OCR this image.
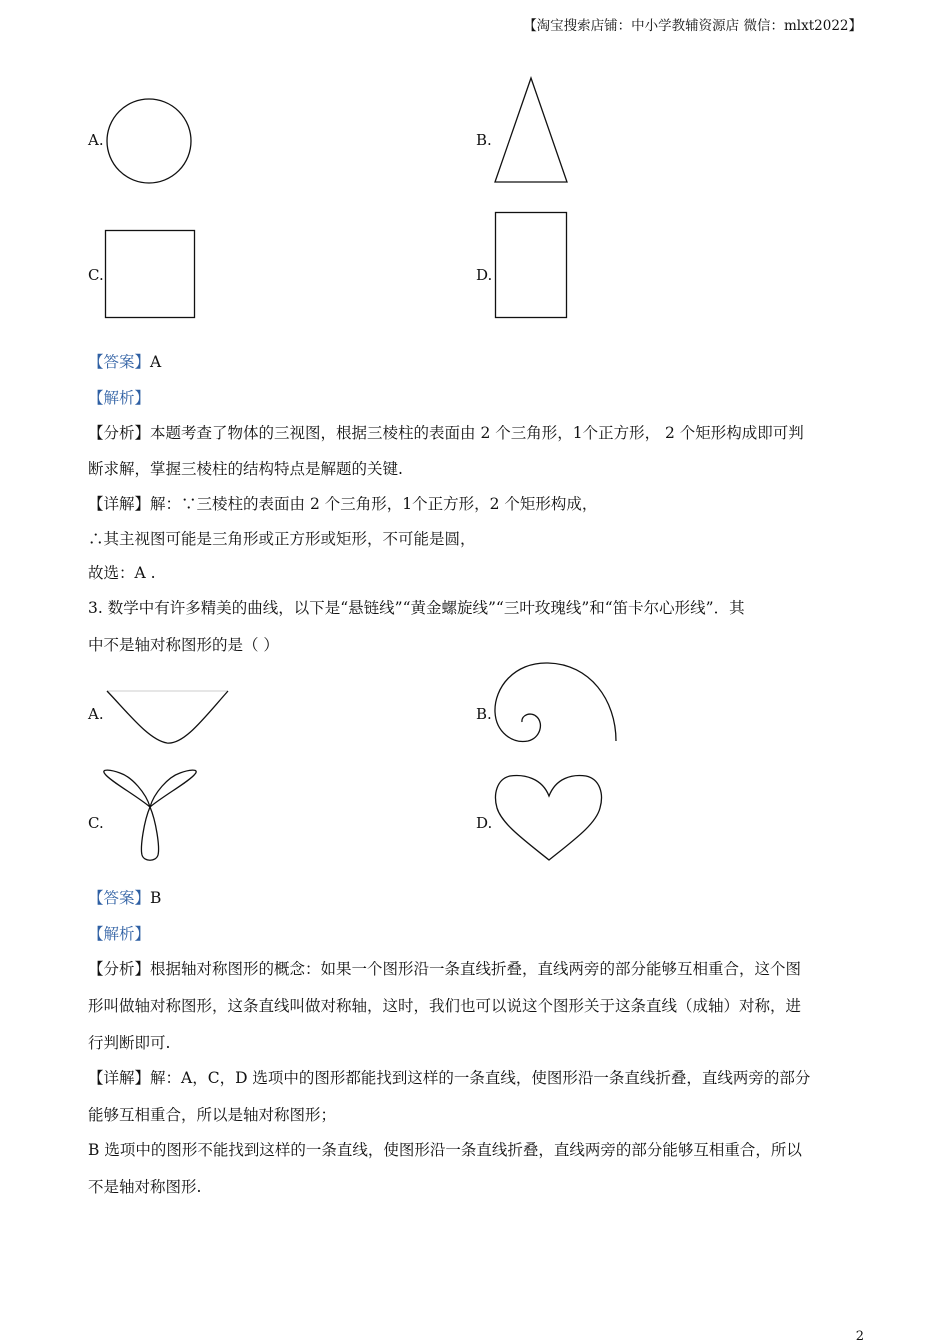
【淘宝搜索店铺：中小学教辅资源店 微信：mlxt2022】
A.	B.
C.	D.
【答案】A
【解析】
【分析】本题考查了物体的三视图，根据三棱柱的表面由 2 个三角形，1个正方形， 2 个矩形构成即可判
断求解，掌握三棱柱的结构特点是解题的关键.
【详解】解：∵三棱柱的表面由 2 个三角形，1个正方形，2 个矩形构成，
∴其主视图可能是三角形或正方形或矩形，不可能是圆，
故选：A .
3. 数学中有许多精美的曲线，以下是“悬链线”“黄金螺旋线”“三叶玫瑰线”和“笛卡尔心形线”．其
中不是轴对称图形的是（ ）
A.	B.
C.	D.
【答案】B
【解析】
【分析】根据轴对称图形的概念：如果一个图形沿一条直线折叠，直线两旁的部分能够互相重合，这个图
形叫做轴对称图形，这条直线叫做对称轴，这时，我们也可以说这个图形关于这条直线（成轴）对称，进
行判断即可.
【详解】解：A，C，D 选项中的图形都能找到这样的一条直线，使图形沿一条直线折叠，直线两旁的部分
能够互相重合，所以是轴对称图形；
B 选项中的图形不能找到这样的一条直线，使图形沿一条直线折叠，直线两旁的部分能够互相重合，所以
不是轴对称图形.
2
